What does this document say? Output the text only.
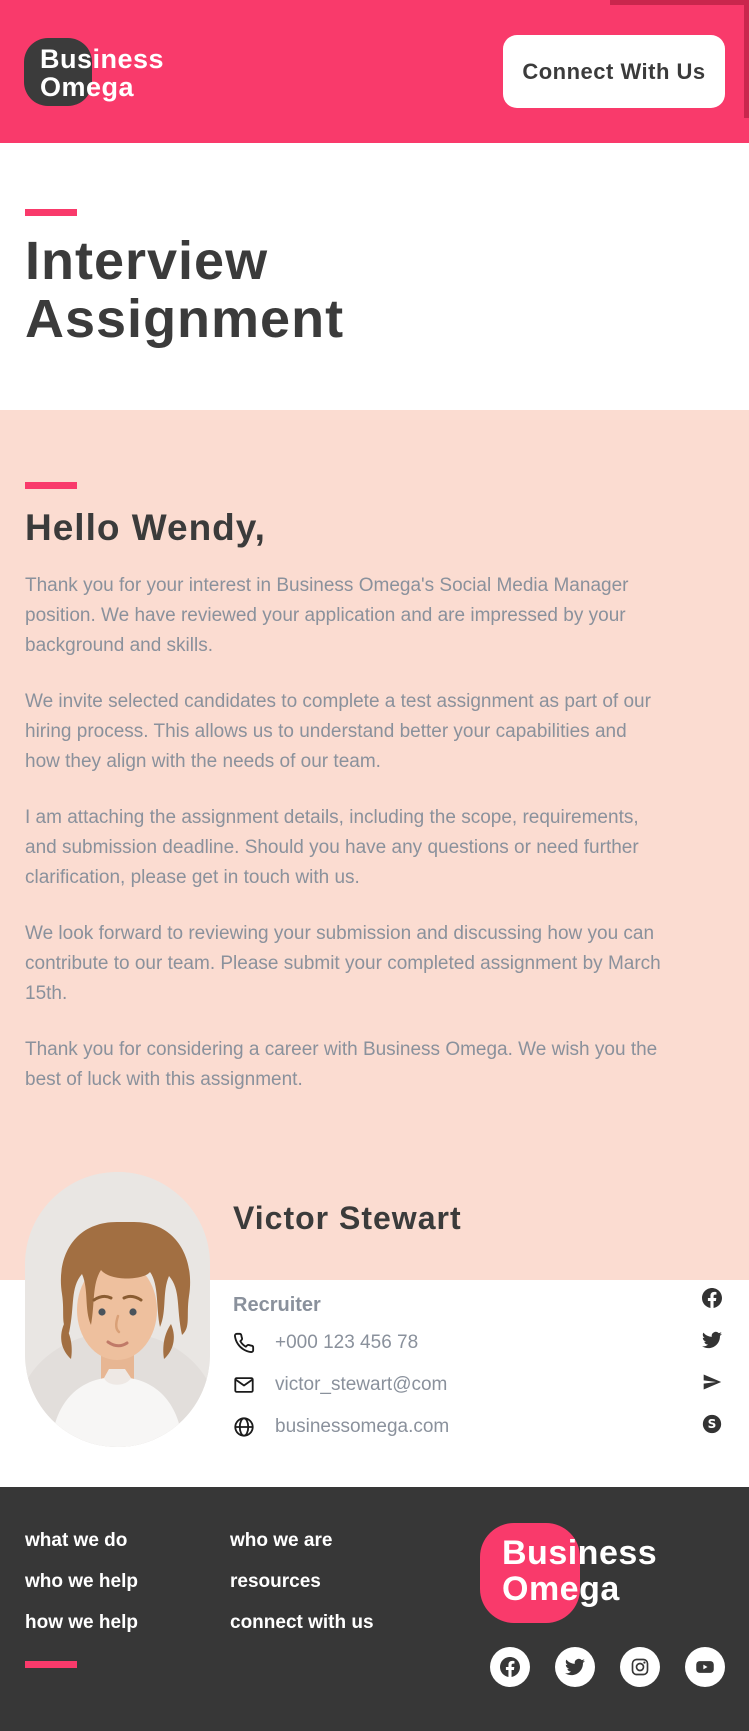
Business
Omega
Connect With Us
Interview
Assignment
Hello Wendy,

Thank you for your interest in Business Omega's Social Media Manager position. We have reviewed your application and are impressed by your background and skills.

We invite selected candidates to complete a test assignment as part of our hiring process. This allows us to understand better your capabilities and how they align with the needs of our team.

I am attaching the assignment details, including the scope, requirements, and submission deadline. Should you have any questions or need further clarification, please get in touch with us.

We look forward to reviewing your submission and discussing how you can contribute to our team. Please submit your completed assignment by March 15th.

Thank you for considering a career with Business Omega. We wish you the best of luck with this assignment.

Victor Stewart
Recruiter
+000 123 456 78
victor_stewart@com
businessomega.com	S
what we do
who we help
how we help
who we are
resources
connect with us
Business
Omega
